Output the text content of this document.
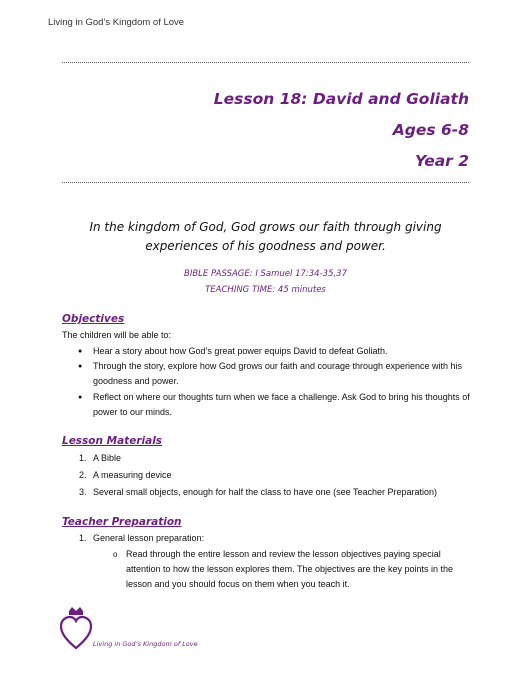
Living in God’s Kingdom of Love
Lesson 18: David and Goliath
Ages 6-8
Year 2
In the kingdom of God, God grows our faith through giving experiences of his goodness and power.
BIBLE PASSAGE: I Samuel 17:34-35,37
TEACHING TIME: 45 minutes
Objectives
The children will be able to:
● Hear a story about how God’s great power equips David to defeat Goliath.
● Through the story, explore how God grows our faith and courage through experience with his goodness and power.
● Reflect on where our thoughts turn when we face a challenge. Ask God to bring his thoughts of power to our minds.
Lesson Materials
1. A Bible
2. A measuring device
3. Several small objects, enough for half the class to have one (see Teacher Preparation)
Teacher Preparation
1. General lesson preparation:
o Read through the entire lesson and review the lesson objectives paying special attention to how the lesson explores them. The objectives are the key points in the lesson and you should focus on them when you teach it.
Living in God’s Kingdom of Love
